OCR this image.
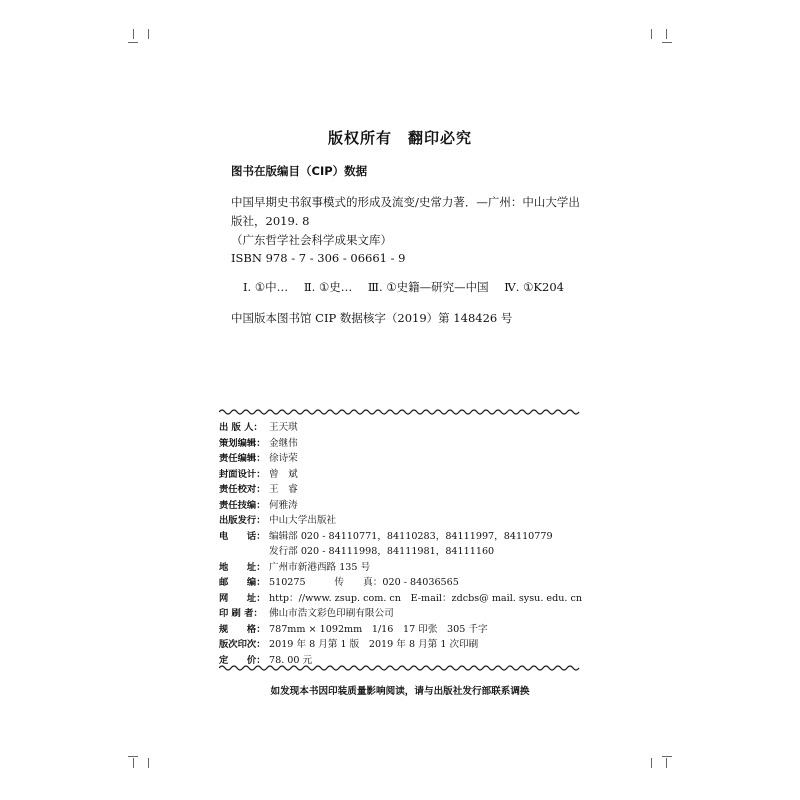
版权所有 翻印必究
图书在版编目（CIP）数据
中国早期史书叙事模式的形成及流变/史常力著．—广州：中山大学出
版社，2019. 8
（广东哲学社会科学成果文库）
ISBN 978 - 7 - 306 - 06661 - 9
Ⅰ. ①中… Ⅱ. ①史… Ⅲ. ①史籍—研究—中国 Ⅳ. ①K204
中国版本图书馆 CIP 数据核字（2019）第 148426 号
出 版 人： 王天琪
策划编辑： 金继伟
责任编辑： 徐诗荣
封面设计： 曾　斌
责任校对： 王　睿
责任技编： 何雅涛
出版发行： 中山大学出版社
电　　话： 编辑部 020 - 84110771，84110283，84111997，84110779
发行部 020 - 84111998，84111981，84111160
地　　址： 广州市新港西路 135 号
邮　　编： 510275　　　传　　真：020 - 84036565
网　　址： http：//www. zsup. com. cn　E-mail：zdcbs@ mail. sysu. edu. cn
印 刷 者： 佛山市浩文彩色印刷有限公司
规　　格： 787mm × 1092mm　1/16　17 印张　305 千字
版次印次： 2019 年 8 月第 1 版　2019 年 8 月第 1 次印刷
定　　价： 78. 00 元
如发现本书因印装质量影响阅读，请与出版社发行部联系调换
